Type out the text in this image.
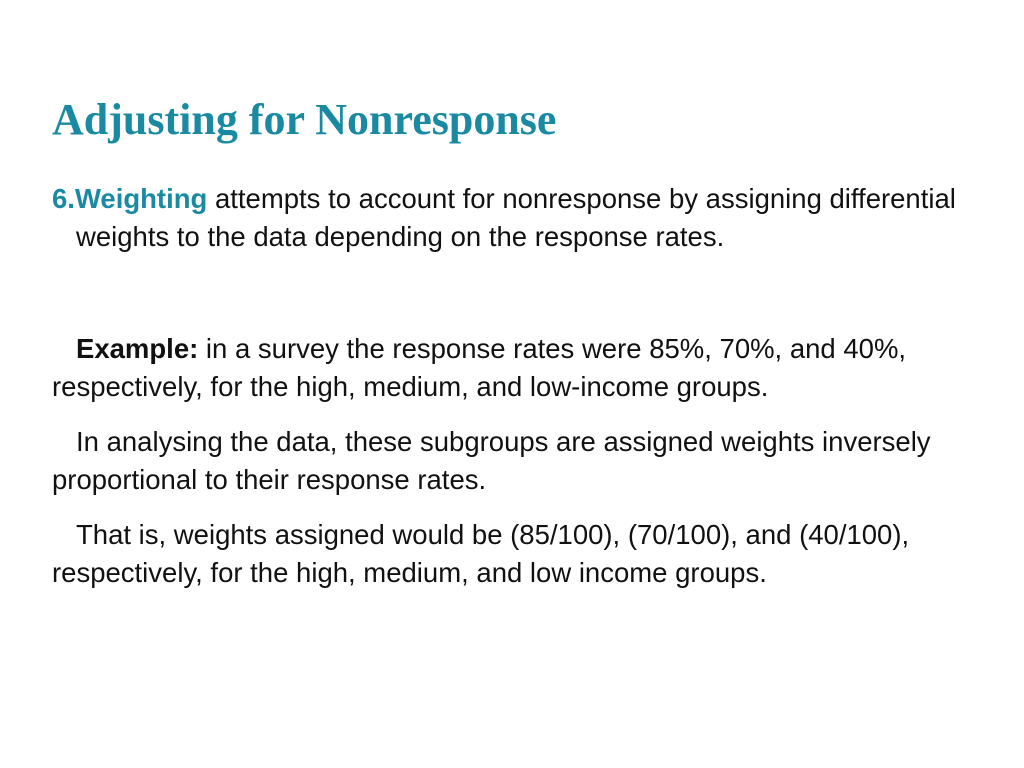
Adjusting for Nonresponse

6.Weighting attempts to account for nonresponse by assigning differential weights to the data depending on the response rates.

Example: in a survey the response rates were 85%, 70%, and 40%, respectively, for the high, medium, and low-income groups.

In analysing the data, these subgroups are assigned weights inversely proportional to their response rates.

That is, weights assigned would be (85/100), (70/100), and (40/100), respectively, for the high, medium, and low income groups.
